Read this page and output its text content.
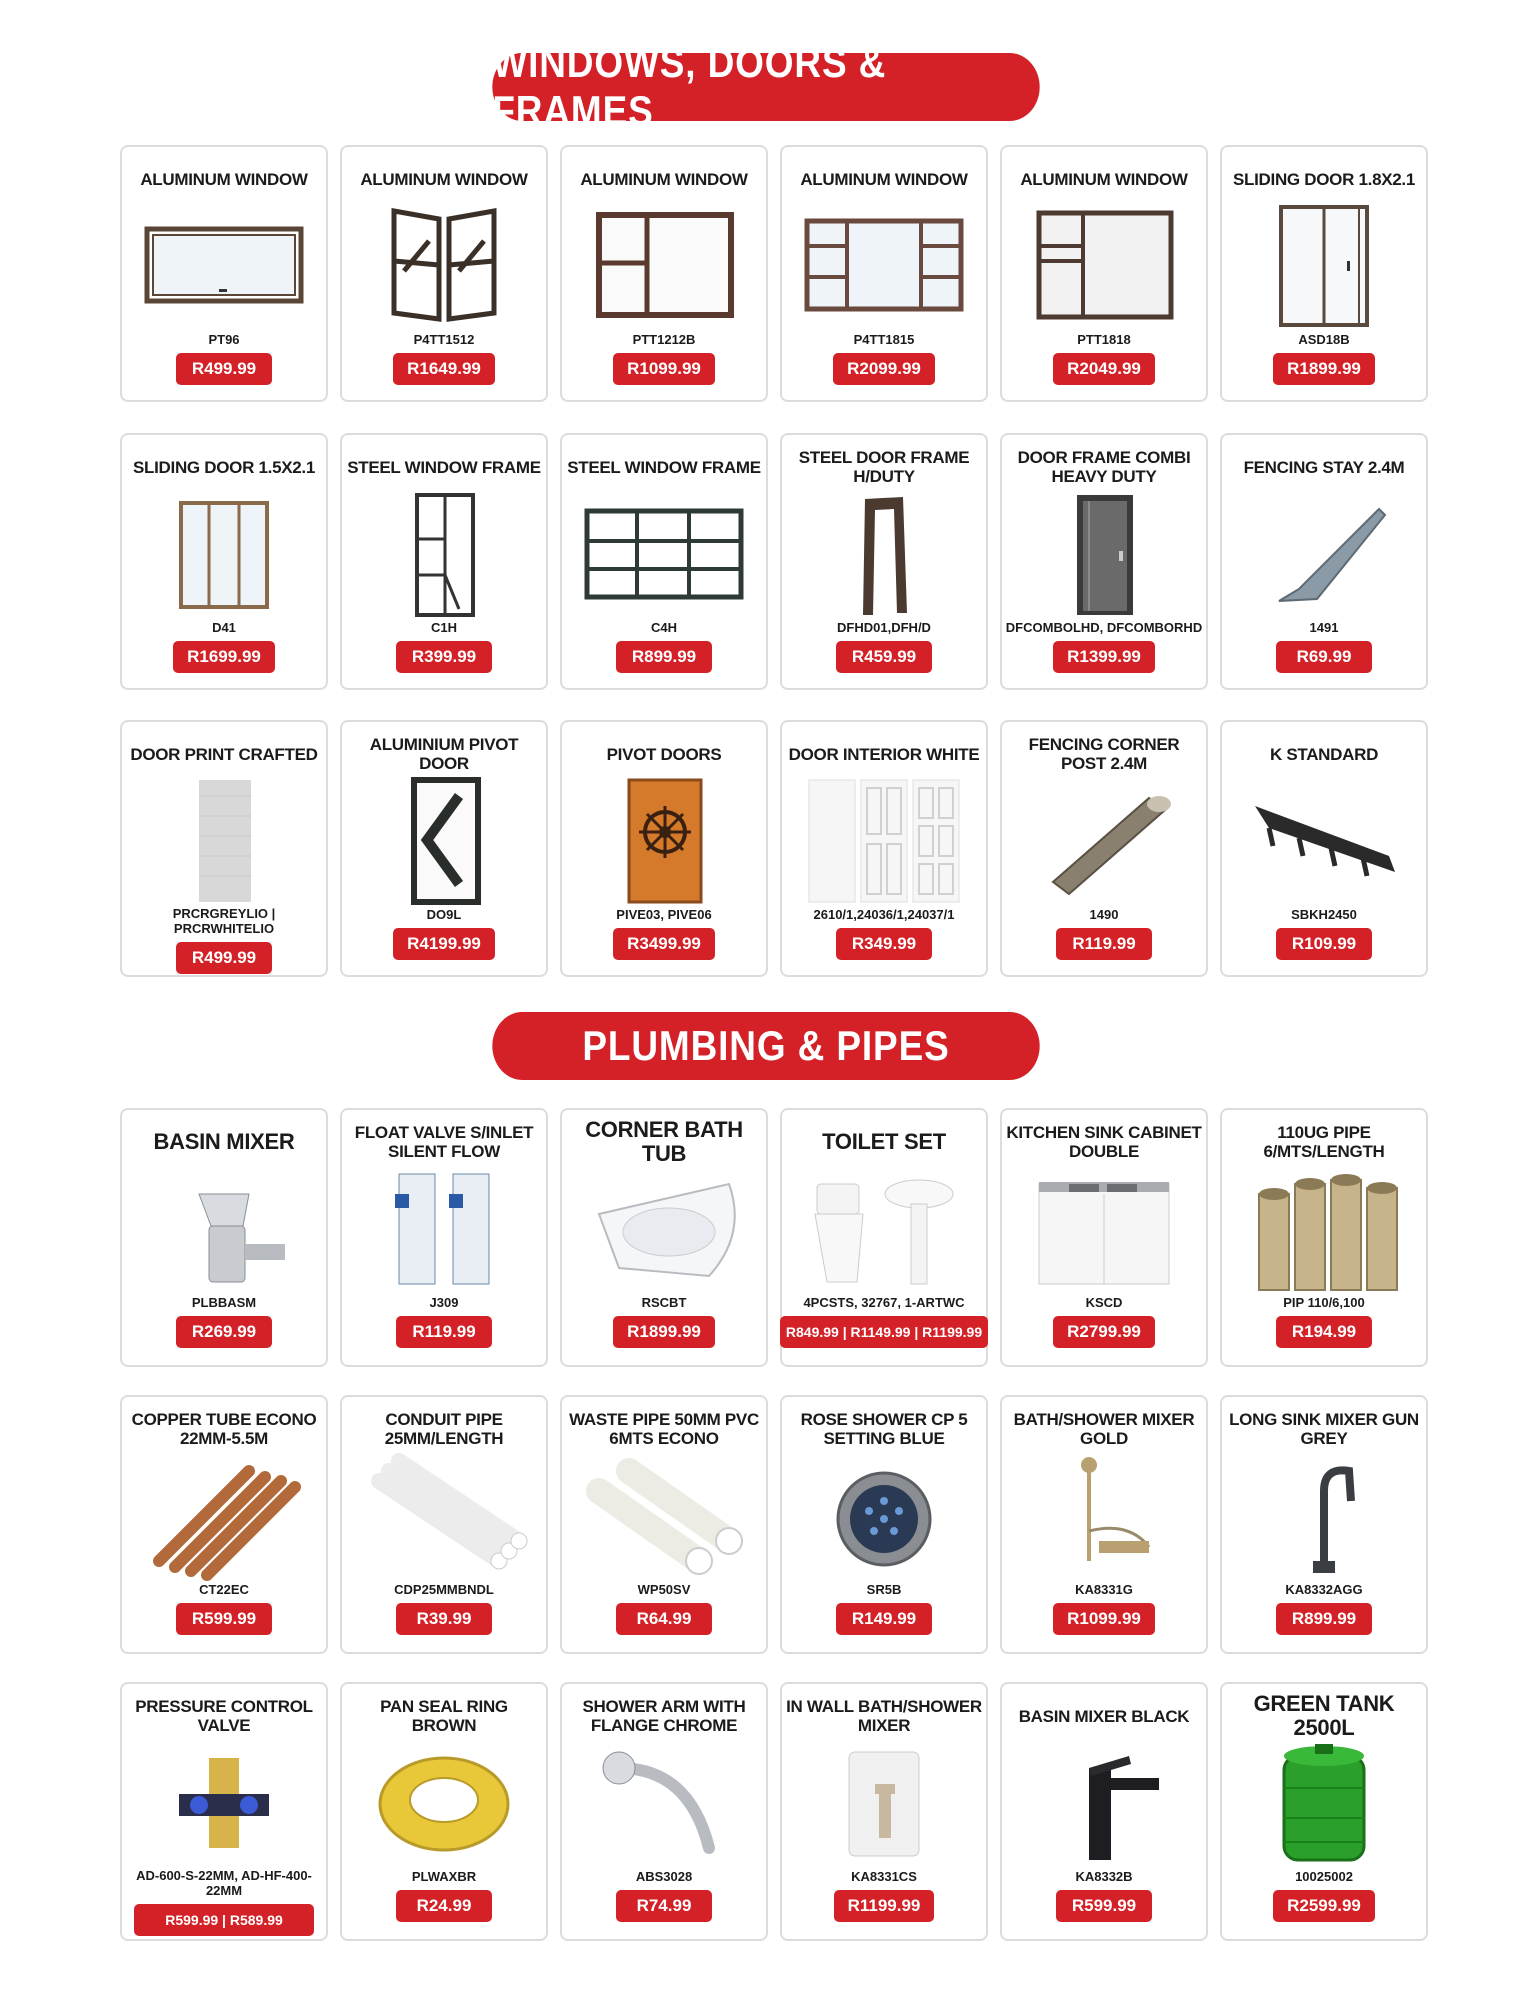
WINDOWS, DOORS & FRAMES
PLUMBING & PIPES
ALUMINUM WINDOW
PT96
R499.99
ALUMINUM WINDOW
P4TT1512
R1649.99
ALUMINUM WINDOW
PTT1212B
R1099.99
ALUMINUM WINDOW
P4TT1815
R2099.99
ALUMINUM WINDOW
PTT1818
R2049.99
SLIDING DOOR 1.8X2.1
ASD18B
R1899.99
SLIDING DOOR 1.5X2.1
D41
R1699.99
STEEL WINDOW FRAME
C1H
R399.99
STEEL WINDOW FRAME
C4H
R899.99
STEEL DOOR FRAME H/DUTY
DFHD01,DFH/D
R459.99
DOOR FRAME COMBI HEAVY DUTY
DFCOMBOLHD, DFCOMBORHD
R1399.99
FENCING STAY 2.4M
1491
R69.99
DOOR PRINT CRAFTED
PRCRGREYLIO | PRCRWHITELIO
R499.99
ALUMINIUM PIVOT DOOR
DO9L
R4199.99
PIVOT DOORS
PIVE03, PIVE06
R3499.99
DOOR INTERIOR WHITE
2610/1,24036/1,24037/1
R349.99
FENCING CORNER POST 2.4M
1490
R119.99
K STANDARD
SBKH2450
R109.99
BASIN MIXER
PLBBASM
R269.99
FLOAT VALVE S/INLET SILENT FLOW
J309
R119.99
CORNER BATH TUB
RSCBT
R1899.99
TOILET SET
4PCSTS, 32767, 1-ARTWC
R849.99 | R1149.99 | R1199.99
KITCHEN SINK CABINET DOUBLE
KSCD
R2799.99
110UG PIPE 6/MTS/LENGTH
PIP 110/6,100
R194.99
COPPER TUBE ECONO 22MM-5.5M
CT22EC
R599.99
CONDUIT PIPE 25MM/LENGTH
CDP25MMBNDL
R39.99
WASTE PIPE 50MM PVC 6MTS ECONO
WP50SV
R64.99
ROSE SHOWER CP 5 SETTING BLUE
SR5B
R149.99
BATH/SHOWER MIXER GOLD
KA8331G
R1099.99
LONG SINK MIXER GUN GREY
KA8332AGG
R899.99
PRESSURE CONTROL VALVE
AD-600-S-22MM, AD-HF-400-22MM
R599.99 | R589.99
PAN SEAL RING BROWN
PLWAXBR
R24.99
SHOWER ARM WITH FLANGE CHROME
ABS3028
R74.99
IN WALL BATH/SHOWER MIXER
KA8331CS
R1199.99
BASIN MIXER BLACK
KA8332B
R599.99
GREEN TANK 2500L
10025002
R2599.99
